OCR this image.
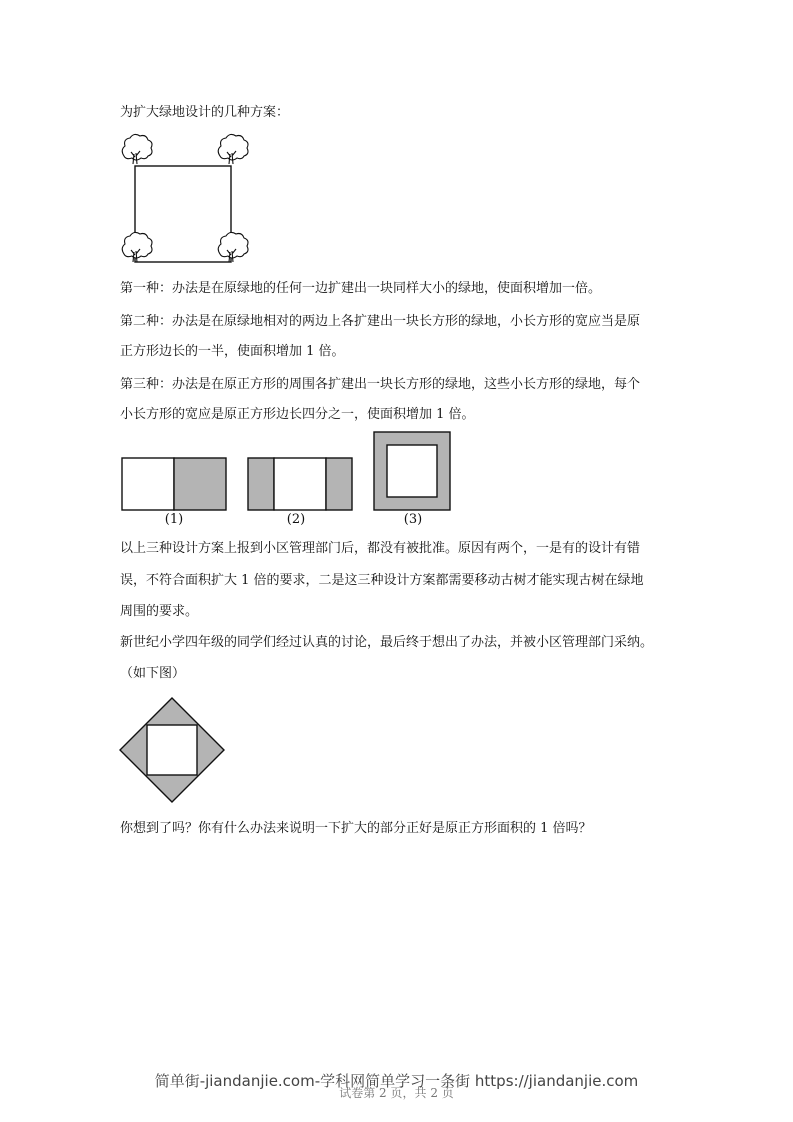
为扩大绿地设计的几种方案：
第一种：办法是在原绿地的任何一边扩建出一块同样大小的绿地，使面积增加一倍。
第二种：办法是在原绿地相对的两边上各扩建出一块长方形的绿地，小长方形的宽应当是原
正方形边长的一半，使面积增加 1 倍。
第三种：办法是在原正方形的周围各扩建出一块长方形的绿地，这些小长方形的绿地，每个
小长方形的宽应是原正方形边长四分之一，使面积增加 1 倍。
(1)	(2)	(3)
以上三种设计方案上报到小区管理部门后，都没有被批准。原因有两个，一是有的设计有错
误，不符合面积扩大 1 倍的要求，二是这三种设计方案都需要移动古树才能实现古树在绿地
周围的要求。
新世纪小学四年级的同学们经过认真的讨论，最后终于想出了办法，并被小区管理部门采纳。
（如下图）
你想到了吗？你有什么办法来说明一下扩大的部分正好是原正方形面积的 1 倍吗？
试卷第 2 页，共 2 页
简单街-jiandanjie.com-学科网简单学习一条街 https://jiandanjie.com
